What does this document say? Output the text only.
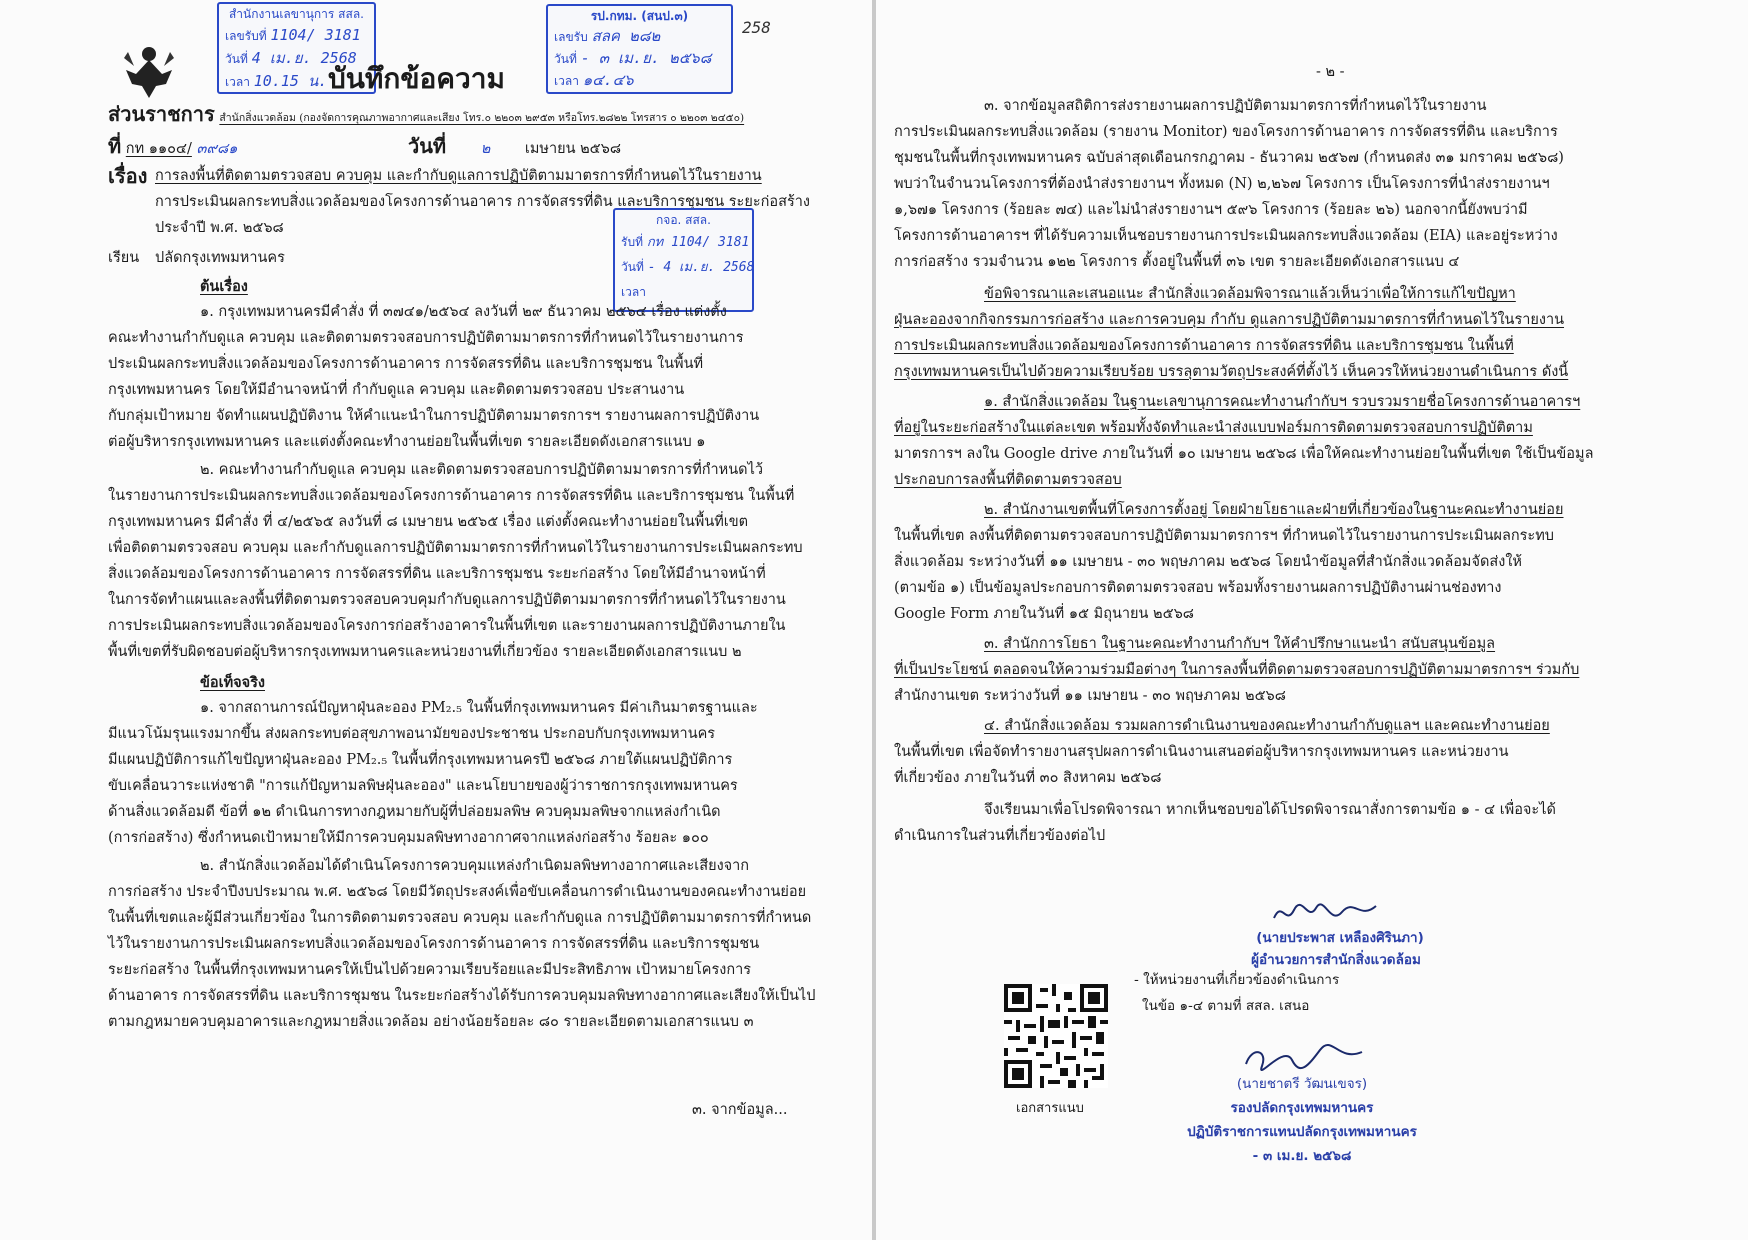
สำนักงานเลขานุการ สสล.
เลขรับที่ 1104/ 3181
วันที่ 4 เม.ย. 2568
เวลา 10.15 น. บันทึกข้อความ
รป.กทม. (สนป.๓)
เลขรับ สลค ๒๘๒
วันที่ - ๓ เม.ย. ๒๕๖๘
เวลา ๑๔.๔๖
258
ส่วนราชการ สำนักสิ่งแวดล้อม (กองจัดการคุณภาพอากาศและเสียง โทร.๐ ๒๒๐๓ ๒๙๕๓ หรือโทร.๒๘๒๒ โทรสาร ๐ ๒๒๐๓ ๒๔๕๐)
ที่ กท ๑๑๐๔/ ๓๙๘๑	วันที่ ๒ เมษายน ๒๕๖๘
เรื่อง การลงพื้นที่ติดตามตรวจสอบ ควบคุม และกำกับดูแลการปฏิบัติตามมาตรการที่กำหนดไว้ในรายงาน
การประเมินผลกระทบสิ่งแวดล้อมของโครงการด้านอาคาร การจัดสรรที่ดิน และบริการชุมชน ระยะก่อสร้าง
ประจำปี พ.ศ. ๒๕๖๘
เรียน ปลัดกรุงเทพมหานคร
กจอ. สสล.
รับที่ กท 1104/ 3181
วันที่ - 4 เม.ย. 2568
เวลา
ต้นเรื่อง
๑. กรุงเทพมหานครมีคำสั่ง ที่ ๓๗๔๑/๒๕๖๔ ลงวันที่ ๒๙ ธันวาคม ๒๕๖๔ เรื่อง แต่งตั้ง
คณะทำงานกำกับดูแล ควบคุม และติดตามตรวจสอบการปฏิบัติตามมาตรการที่กำหนดไว้ในรายงานการ
ประเมินผลกระทบสิ่งแวดล้อมของโครงการด้านอาคาร การจัดสรรที่ดิน และบริการชุมชน ในพื้นที่
กรุงเทพมหานคร โดยให้มีอำนาจหน้าที่ กำกับดูแล ควบคุม และติดตามตรวจสอบ ประสานงาน
กับกลุ่มเป้าหมาย จัดทำแผนปฏิบัติงาน ให้คำแนะนำในการปฏิบัติตามมาตรการฯ รายงานผลการปฏิบัติงาน
ต่อผู้บริหารกรุงเทพมหานคร และแต่งตั้งคณะทำงานย่อยในพื้นที่เขต รายละเอียดดังเอกสารแนบ ๑
๒. คณะทำงานกำกับดูแล ควบคุม และติดตามตรวจสอบการปฏิบัติตามมาตรการที่กำหนดไว้
ในรายงานการประเมินผลกระทบสิ่งแวดล้อมของโครงการด้านอาคาร การจัดสรรที่ดิน และบริการชุมชน ในพื้นที่
กรุงเทพมหานคร มีคำสั่ง ที่ ๔/๒๕๖๕ ลงวันที่ ๘ เมษายน ๒๕๖๕ เรื่อง แต่งตั้งคณะทำงานย่อยในพื้นที่เขต
เพื่อติดตามตรวจสอบ ควบคุม และกำกับดูแลการปฏิบัติตามมาตรการที่กำหนดไว้ในรายงานการประเมินผลกระทบ
สิ่งแวดล้อมของโครงการด้านอาคาร การจัดสรรที่ดิน และบริการชุมชน ระยะก่อสร้าง โดยให้มีอำนาจหน้าที่
ในการจัดทำแผนและลงพื้นที่ติดตามตรวจสอบควบคุมกำกับดูแลการปฏิบัติตามมาตรการที่กำหนดไว้ในรายงาน
การประเมินผลกระทบสิ่งแวดล้อมของโครงการก่อสร้างอาคารในพื้นที่เขต และรายงานผลการปฏิบัติงานภายใน
พื้นที่เขตที่รับผิดชอบต่อผู้บริหารกรุงเทพมหานครและหน่วยงานที่เกี่ยวข้อง รายละเอียดดังเอกสารแนบ ๒
ข้อเท็จจริง
๑. จากสถานการณ์ปัญหาฝุ่นละออง PM₂.₅ ในพื้นที่กรุงเทพมหานคร มีค่าเกินมาตรฐานและ
มีแนวโน้มรุนแรงมากขึ้น ส่งผลกระทบต่อสุขภาพอนามัยของประชาชน ประกอบกับกรุงเทพมหานคร
มีแผนปฏิบัติการแก้ไขปัญหาฝุ่นละออง PM₂.₅ ในพื้นที่กรุงเทพมหานครปี ๒๕๖๘ ภายใต้แผนปฏิบัติการ
ขับเคลื่อนวาระแห่งชาติ "การแก้ปัญหามลพิษฝุ่นละออง" และนโยบายของผู้ว่าราชการกรุงเทพมหานคร
ด้านสิ่งแวดล้อมดี ข้อที่ ๑๒ ดำเนินการทางกฎหมายกับผู้ที่ปล่อยมลพิษ ควบคุมมลพิษจากแหล่งกำเนิด
(การก่อสร้าง) ซึ่งกำหนดเป้าหมายให้มีการควบคุมมลพิษทางอากาศจากแหล่งก่อสร้าง ร้อยละ ๑๐๐
๒. สำนักสิ่งแวดล้อมได้ดำเนินโครงการควบคุมแหล่งกำเนิดมลพิษทางอากาศและเสียงจาก
การก่อสร้าง ประจำปีงบประมาณ พ.ศ. ๒๕๖๘ โดยมีวัตถุประสงค์เพื่อขับเคลื่อนการดำเนินงานของคณะทำงานย่อย
ในพื้นที่เขตและผู้มีส่วนเกี่ยวข้อง ในการติดตามตรวจสอบ ควบคุม และกำกับดูแล การปฏิบัติตามมาตรการที่กำหนด
ไว้ในรายงานการประเมินผลกระทบสิ่งแวดล้อมของโครงการด้านอาคาร การจัดสรรที่ดิน และบริการชุมชน
ระยะก่อสร้าง ในพื้นที่กรุงเทพมหานครให้เป็นไปด้วยความเรียบร้อยและมีประสิทธิภาพ เป้าหมายโครงการ
ด้านอาคาร การจัดสรรที่ดิน และบริการชุมชน ในระยะก่อสร้างได้รับการควบคุมมลพิษทางอากาศและเสียงให้เป็นไป
ตามกฎหมายควบคุมอาคารและกฎหมายสิ่งแวดล้อม อย่างน้อยร้อยละ ๘๐ รายละเอียดตามเอกสารแนบ ๓
๓. จากข้อมูล...
- ๒ -
๓. จากข้อมูลสถิติการส่งรายงานผลการปฏิบัติตามมาตรการที่กำหนดไว้ในรายงาน
การประเมินผลกระทบสิ่งแวดล้อม (รายงาน Monitor) ของโครงการด้านอาคาร การจัดสรรที่ดิน และบริการ
ชุมชนในพื้นที่กรุงเทพมหานคร ฉบับล่าสุดเดือนกรกฎาคม - ธันวาคม ๒๕๖๗ (กำหนดส่ง ๓๑ มกราคม ๒๕๖๘)
พบว่าในจำนวนโครงการที่ต้องนำส่งรายงานฯ ทั้งหมด (N) ๒,๒๖๗ โครงการ เป็นโครงการที่นำส่งรายงานฯ
๑,๖๗๑ โครงการ (ร้อยละ ๗๔) และไม่นำส่งรายงานฯ ๕๙๖ โครงการ (ร้อยละ ๒๖) นอกจากนี้ยังพบว่ามี
โครงการด้านอาคารฯ ที่ได้รับความเห็นชอบรายงานการประเมินผลกระทบสิ่งแวดล้อม (EIA) และอยู่ระหว่าง
การก่อสร้าง รวมจำนวน ๑๒๒ โครงการ ตั้งอยู่ในพื้นที่ ๓๖ เขต รายละเอียดดังเอกสารแนบ ๔
ข้อพิจารณาและเสนอแนะ สำนักสิ่งแวดล้อมพิจารณาแล้วเห็นว่าเพื่อให้การแก้ไขปัญหา
ฝุ่นละอองจากกิจกรรมการก่อสร้าง และการควบคุม กำกับ ดูแลการปฏิบัติตามมาตรการที่กำหนดไว้ในรายงาน
การประเมินผลกระทบสิ่งแวดล้อมของโครงการด้านอาคาร การจัดสรรที่ดิน และบริการชุมชน ในพื้นที่
กรุงเทพมหานครเป็นไปด้วยความเรียบร้อย บรรลุตามวัตถุประสงค์ที่ตั้งไว้ เห็นควรให้หน่วยงานดำเนินการ ดังนี้
๑. สำนักสิ่งแวดล้อม ในฐานะเลขานุการคณะทำงานกำกับฯ รวบรวมรายชื่อโครงการด้านอาคารฯ
ที่อยู่ในระยะก่อสร้างในแต่ละเขต พร้อมทั้งจัดทำและนำส่งแบบฟอร์มการติดตามตรวจสอบการปฏิบัติตาม
มาตรการฯ ลงใน Google drive ภายในวันที่ ๑๐ เมษายน ๒๕๖๘ เพื่อให้คณะทำงานย่อยในพื้นที่เขต ใช้เป็นข้อมูล
ประกอบการลงพื้นที่ติดตามตรวจสอบ
๒. สำนักงานเขตพื้นที่โครงการตั้งอยู่ โดยฝ่ายโยธาและฝ่ายที่เกี่ยวข้องในฐานะคณะทำงานย่อย
ในพื้นที่เขต ลงพื้นที่ติดตามตรวจสอบการปฏิบัติตามมาตรการฯ ที่กำหนดไว้ในรายงานการประเมินผลกระทบ
สิ่งแวดล้อม ระหว่างวันที่ ๑๑ เมษายน - ๓๐ พฤษภาคม ๒๕๖๘ โดยนำข้อมูลที่สำนักสิ่งแวดล้อมจัดส่งให้
(ตามข้อ ๑) เป็นข้อมูลประกอบการติดตามตรวจสอบ พร้อมทั้งรายงานผลการปฏิบัติงานผ่านช่องทาง
Google Form ภายในวันที่ ๑๕ มิถุนายน ๒๕๖๘
๓. สำนักการโยธา ในฐานะคณะทำงานกำกับฯ ให้คำปรึกษาแนะนำ สนับสนุนข้อมูล
ที่เป็นประโยชน์ ตลอดจนให้ความร่วมมือต่างๆ ในการลงพื้นที่ติดตามตรวจสอบการปฏิบัติตามมาตรการฯ ร่วมกับ
สำนักงานเขต ระหว่างวันที่ ๑๑ เมษายน - ๓๐ พฤษภาคม ๒๕๖๘
๔. สำนักสิ่งแวดล้อม รวมผลการดำเนินงานของคณะทำงานกำกับดูแลฯ และคณะทำงานย่อย
ในพื้นที่เขต เพื่อจัดทำรายงานสรุปผลการดำเนินงานเสนอต่อผู้บริหารกรุงเทพมหานคร และหน่วยงาน
ที่เกี่ยวข้อง ภายในวันที่ ๓๐ สิงหาคม ๒๕๖๘
จึงเรียนมาเพื่อโปรดพิจารณา หากเห็นชอบขอได้โปรดพิจารณาสั่งการตามข้อ ๑ - ๔ เพื่อจะได้
ดำเนินการในส่วนที่เกี่ยวข้องต่อไป
(นายประพาส เหลืองศิรินภา)
ผู้อำนวยการสำนักสิ่งแวดล้อม
- ให้หน่วยงานที่เกี่ยวข้องดำเนินการ
ในข้อ ๑-๔ ตามที่ สสล. เสนอ
เอกสารแนบ
(นายชาตรี วัฒนเขจร)
รองปลัดกรุงเทพมหานคร
ปฏิบัติราชการแทนปลัดกรุงเทพมหานคร
- ๓ เม.ย. ๒๕๖๘
